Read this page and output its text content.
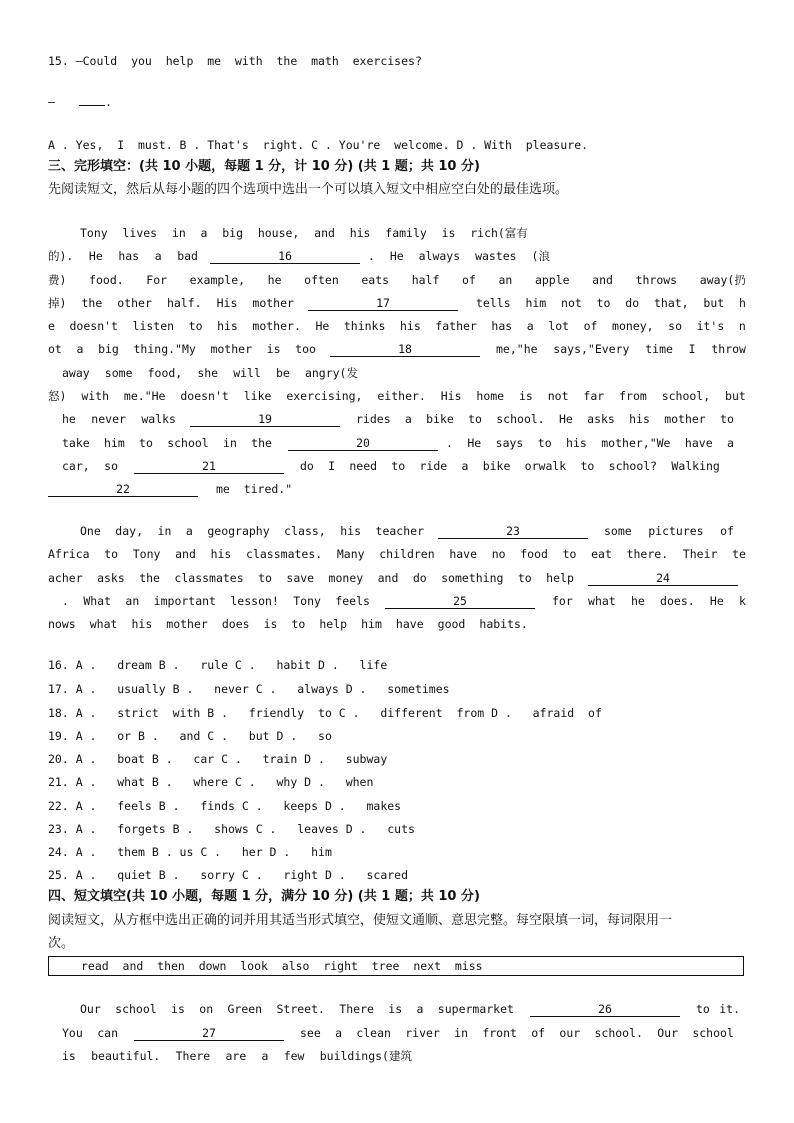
15. —Could  you  help  me  with  the  math  exercises?
—	.
A . Yes,  I  must. B . That's  right. C . You're  welcome. D . With  pleasure.
三、完形填空：(共 10 小题，每题 1 分，计 10 分) (共 1 题；共 10 分)
先阅读短文，然后从每小题的四个选项中选出一个可以填入短文中相应空白处的最佳选项。
Tony lives in a big house, and his family is rich(富有
的). He has a bad	16	. He always wastes (浪
费) food. For example, he often eats half of an apple and throws away(扔
掉) the other half. His mother	17	tells him not to do that, but h
e doesn't listen to his mother. He thinks his father has a lot of money, so it's n
ot a big thing."My mother is too	18	me,"he says,"Every time I throw
away some food, she will be angry(发
怒) with me."He doesn't like exercising, either. His home is not far from school, but
he never walks	19	rides a bike to school. He asks his mother to
take him to school in the	20	. He says to his mother,"We have a
car, so	21	do I need to ride a bike orwalk to school? Walking
22	me  tired."
One day, in a geography class, his teacher	23	some pictures of
Africa to Tony and his classmates. Many children have no food to eat there. Their te
acher asks the classmates to save money and do something to help	24
. What an important lesson! Tony feels	25	for what he does. He k
nows what his mother does is to help him have good habits.
16. A .   dream B .   rule C .   habit D .   life
17. A .   usually B .   never C .   always D .   sometimes
18. A .   strict  with B .   friendly  to C .   different  from D .   afraid  of
19. A .   or B .   and C .   but D .   so
20. A .   boat B .   car C .   train D .   subway
21. A .   what B .   where C .   why D .   when
22. A .   feels B .   finds C .   keeps D .   makes
23. A .   forgets B .   shows C .   leaves D .   cuts
24. A .   them B . us C .   her D .   him
25. A .   quiet B .   sorry C .   right D .   scared
四、短文填空(共 10 小题，每题 1 分，满分 10 分) (共 1 题；共 10 分)
阅读短文，从方框中选出正确的词并用其适当形式填空，使短文通顺、意思完整。每空限填一词，每词限用一
次。
read  and  then  down  look  also  right  tree  next  miss
Our school is on Green Street. There is a supermarket	26	to it.
You can	27	see a clean river in front of our school. Our school
is beautiful. There are a few buildings(建筑
